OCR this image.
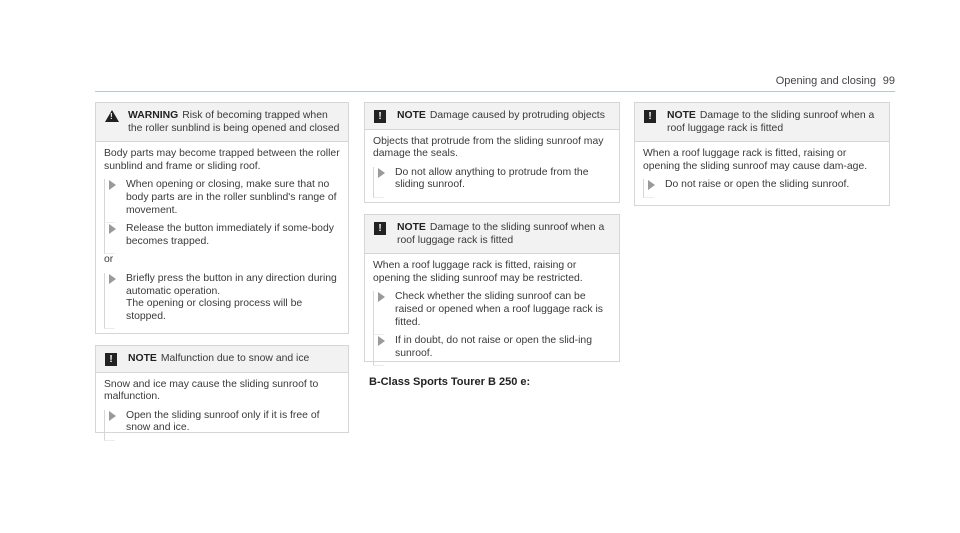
Opening and closing 99
!
WARNING Risk of becoming trapped when the roller sunblind is being opened and closed

Body parts may become trapped between the roller sunblind and frame or sliding roof.

When opening or closing, make sure that no body parts are in the roller sunblind's range of movement.
Release the button immediately if some-body becomes trapped.

or

Briefly press the button in any direction during automatic operation.
The opening or closing process will be stopped.
!	NOTE Malfunction due to snow and ice

Snow and ice may cause the sliding sunroof to malfunction.

Open the sliding sunroof only if it is free of snow and ice.
!	NOTE Damage caused by protruding objects

Objects that protrude from the sliding sunroof may damage the seals.

Do not allow anything to protrude from the sliding sunroof.
!	NOTE Damage to the sliding sunroof when a roof luggage rack is fitted

When a roof luggage rack is fitted, raising or opening the sliding sunroof may be restricted.

Check whether the sliding sunroof can be raised or opened when a roof luggage rack is fitted.
If in doubt, do not raise or open the slid-ing sunroof.
B-Class Sports Tourer B 250 e:
!	NOTE Damage to the sliding sunroof when a roof luggage rack is fitted

When a roof luggage rack is fitted, raising or opening the sliding sunroof may cause dam-age.

Do not raise or open the sliding sunroof.
